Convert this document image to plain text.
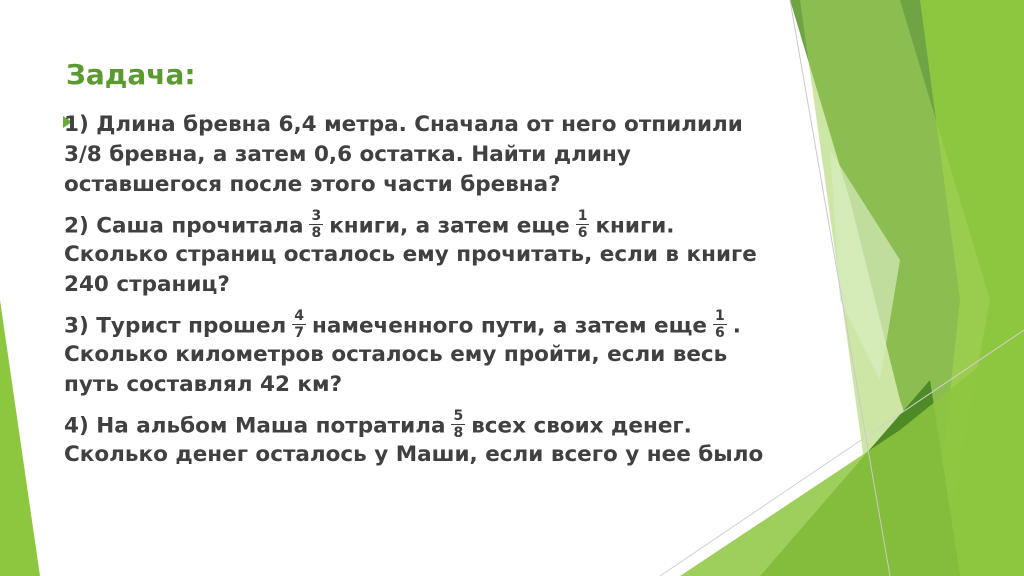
Задача:
1) Длина бревна 6,4 метра. Сначала от него отпилили
3/8 бревна, а затем 0,6 остатка. Найти длину
оставшегося после этого части бревна?
2) Саша прочитала $\frac{3}{8}$ книги, а затем еще $\frac{1}{6}$ книги.
Сколько страниц осталось ему прочитать, если в книге
240 страниц?
3) Турист прошел $\frac{4}{7}$ намеченного пути, а затем еще $\frac{1}{6}$ .
Сколько километров осталось ему пройти, если весь
путь составлял 42 км?
4) На альбом Маша потратила $\frac{5}{8}$ всех своих денег.
Сколько денег осталось у Маши, если всего у нее было
